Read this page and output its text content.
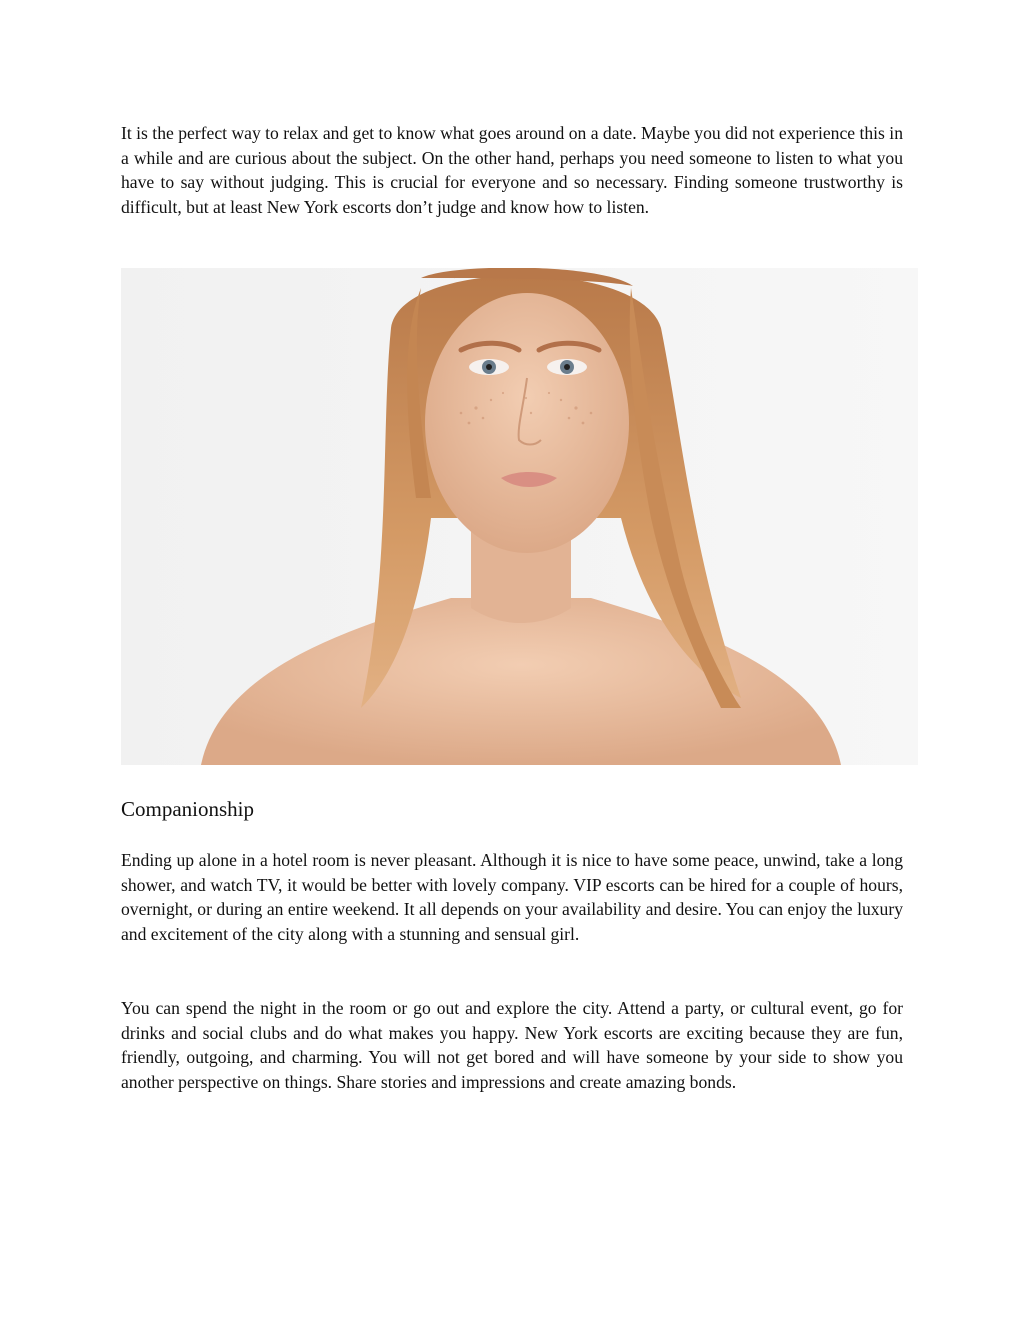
It is the perfect way to relax and get to know what goes around on a date. Maybe you did not experience this in a while and are curious about the subject. On the other hand, perhaps you need someone to listen to what you have to say without judging. This is crucial for everyone and so necessary. Finding someone trustworthy is difficult, but at least New York escorts don’t judge and know how to listen.

Companionship

Ending up alone in a hotel room is never pleasant. Although it is nice to have some peace, unwind, take a long shower, and watch TV, it would be better with lovely company. VIP escorts can be hired for a couple of hours, overnight, or during an entire weekend. It all depends on your availability and desire. You can enjoy the luxury and excitement of the city along with a stunning and sensual girl.

You can spend the night in the room or go out and explore the city. Attend a party, or cultural event, go for drinks and social clubs and do what makes you happy. New York escorts are exciting because they are fun, friendly, outgoing, and charming. You will not get bored and will have someone by your side to show you another perspective on things. Share stories and impressions and create amazing bonds.
